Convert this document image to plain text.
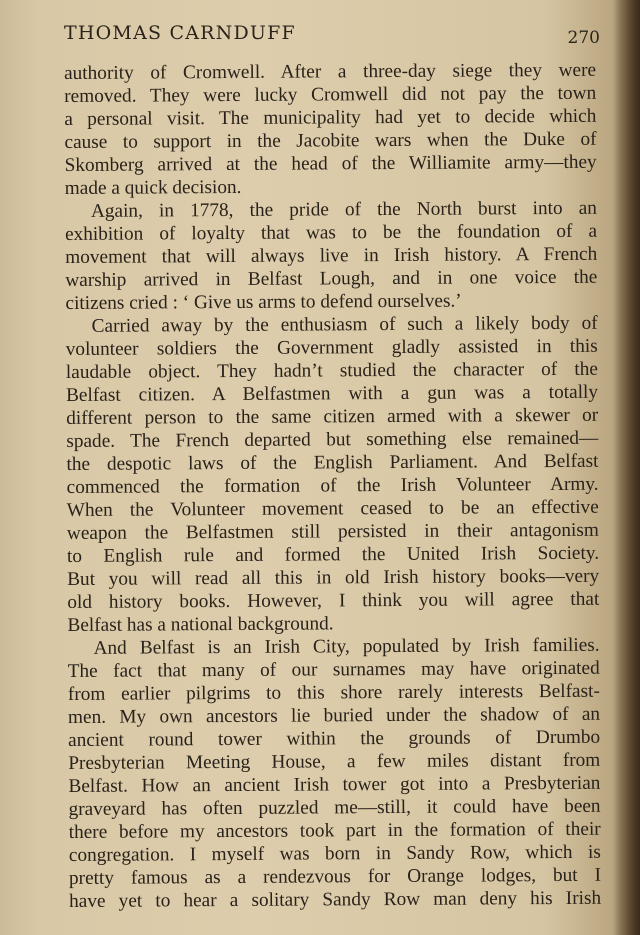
THOMAS CARNDUFF	270

authority of Cromwell. After a three-day siege they were

removed. They were lucky Cromwell did not pay the town

a personal visit. The municipality had yet to decide which

cause to support in the Jacobite wars when the Duke of

Skomberg arrived at the head of the Williamite army—they

made a quick decision.

Again, in 1778, the pride of the North burst into an

exhibition of loyalty that was to be the foundation of a

movement that will always live in Irish history. A French

warship arrived in Belfast Lough, and in one voice the

citizens cried : ‘ Give us arms to defend ourselves.’

Carried away by the enthusiasm of such a likely body of

volunteer soldiers the Government gladly assisted in this

laudable object. They hadn’t studied the character of the

Belfast citizen. A Belfastmen with a gun was a totally

different person to the same citizen armed with a skewer or

spade. The French departed but something else remained—

the despotic laws of the English Parliament. And Belfast

commenced the formation of the Irish Volunteer Army.

When the Volunteer movement ceased to be an effective

weapon the Belfastmen still persisted in their antagonism

to English rule and formed the United Irish Society.

But you will read all this in old Irish history books—very

old history books. However, I think you will agree that

Belfast has a national background.

And Belfast is an Irish City, populated by Irish families.

The fact that many of our surnames may have originated

from earlier pilgrims to this shore rarely interests Belfast-

men. My own ancestors lie buried under the shadow of an

ancient round tower within the grounds of Drumbo

Presbyterian Meeting House, a few miles distant from

Belfast. How an ancient Irish tower got into a Presbyterian

graveyard has often puzzled me—still, it could have been

there before my ancestors took part in the formation of their

congregation. I myself was born in Sandy Row, which is

pretty famous as a rendezvous for Orange lodges, but I

have yet to hear a solitary Sandy Row man deny his Irish
